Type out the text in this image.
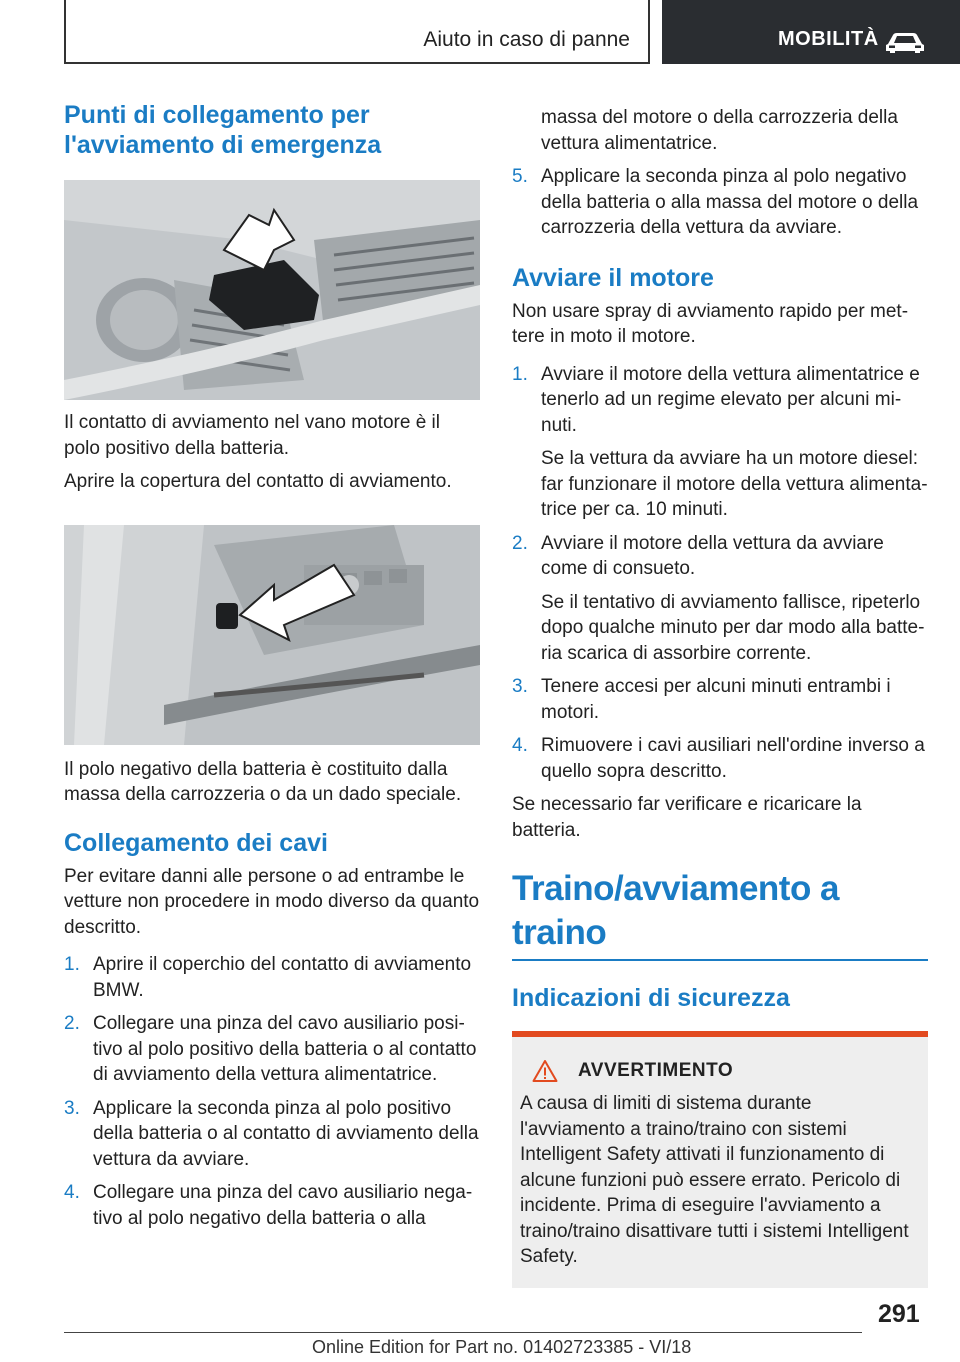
Aiuto in caso di panne	MOBILITÀ
Punti di collegamento per l'avviamento di emergenza

Il contatto di avviamento nel vano motore è il polo positivo della batteria.

Aprire la copertura del contatto di avviamento.

Il polo negativo della batteria è costituito dalla massa della carrozzeria o da un dado speciale.

Collegamento dei cavi

Per evitare danni alle persone o ad entrambe le vetture non procedere in modo diverso da quanto descritto.

1. Aprire il coperchio del contatto di avviamento BMW.
2. Collegare una pinza del cavo ausiliario positivo al polo positivo della batteria o al contatto di avviamento della vettura alimentatrice.
3. Applicare la seconda pinza al polo positivo della batteria o al contatto di avviamento della vettura da avviare.
4. Collegare una pinza del cavo ausiliario negativo al polo negativo della batteria o alla
massa del motore o della carrozzeria della vettura alimentatrice.
5. Applicare la seconda pinza al polo negativo della batteria o alla massa del motore o della carrozzeria della vettura da avviare.
Avviare il motore

Non usare spray di avviamento rapido per mettere in moto il motore.

1. Avviare il motore della vettura alimentatrice e tenerlo ad un regime elevato per alcuni minuti.

Se la vettura da avviare ha un motore diesel: far funzionare il motore della vettura alimentatrice per ca. 10 minuti.

2. Avviare il motore della vettura da avviare come di consueto.

Se il tentativo di avviamento fallisce, ripeterlo dopo qualche minuto per dar modo alla batteria scarica di assorbire corrente.

3. Tenere accesi per alcuni minuti entrambi i motori.
4. Rimuovere i cavi ausiliari nell'ordine inverso a quello sopra descritto.

Se necessario far verificare e ricaricare la batteria.

Traino/avviamento a traino
Indicazioni di sicurezza
AVVERTIMENTO

A causa di limiti di sistema durante l'avviamento a traino/traino con sistemi Intelligent Safety attivati il funzionamento di alcune funzioni può essere errato. Pericolo di incidente. Prima di eseguire l'avviamento a traino/traino disattivare tutti i sistemi Intelligent Safety.

291
Online Edition for Part no. 01402723385 - VI/18
